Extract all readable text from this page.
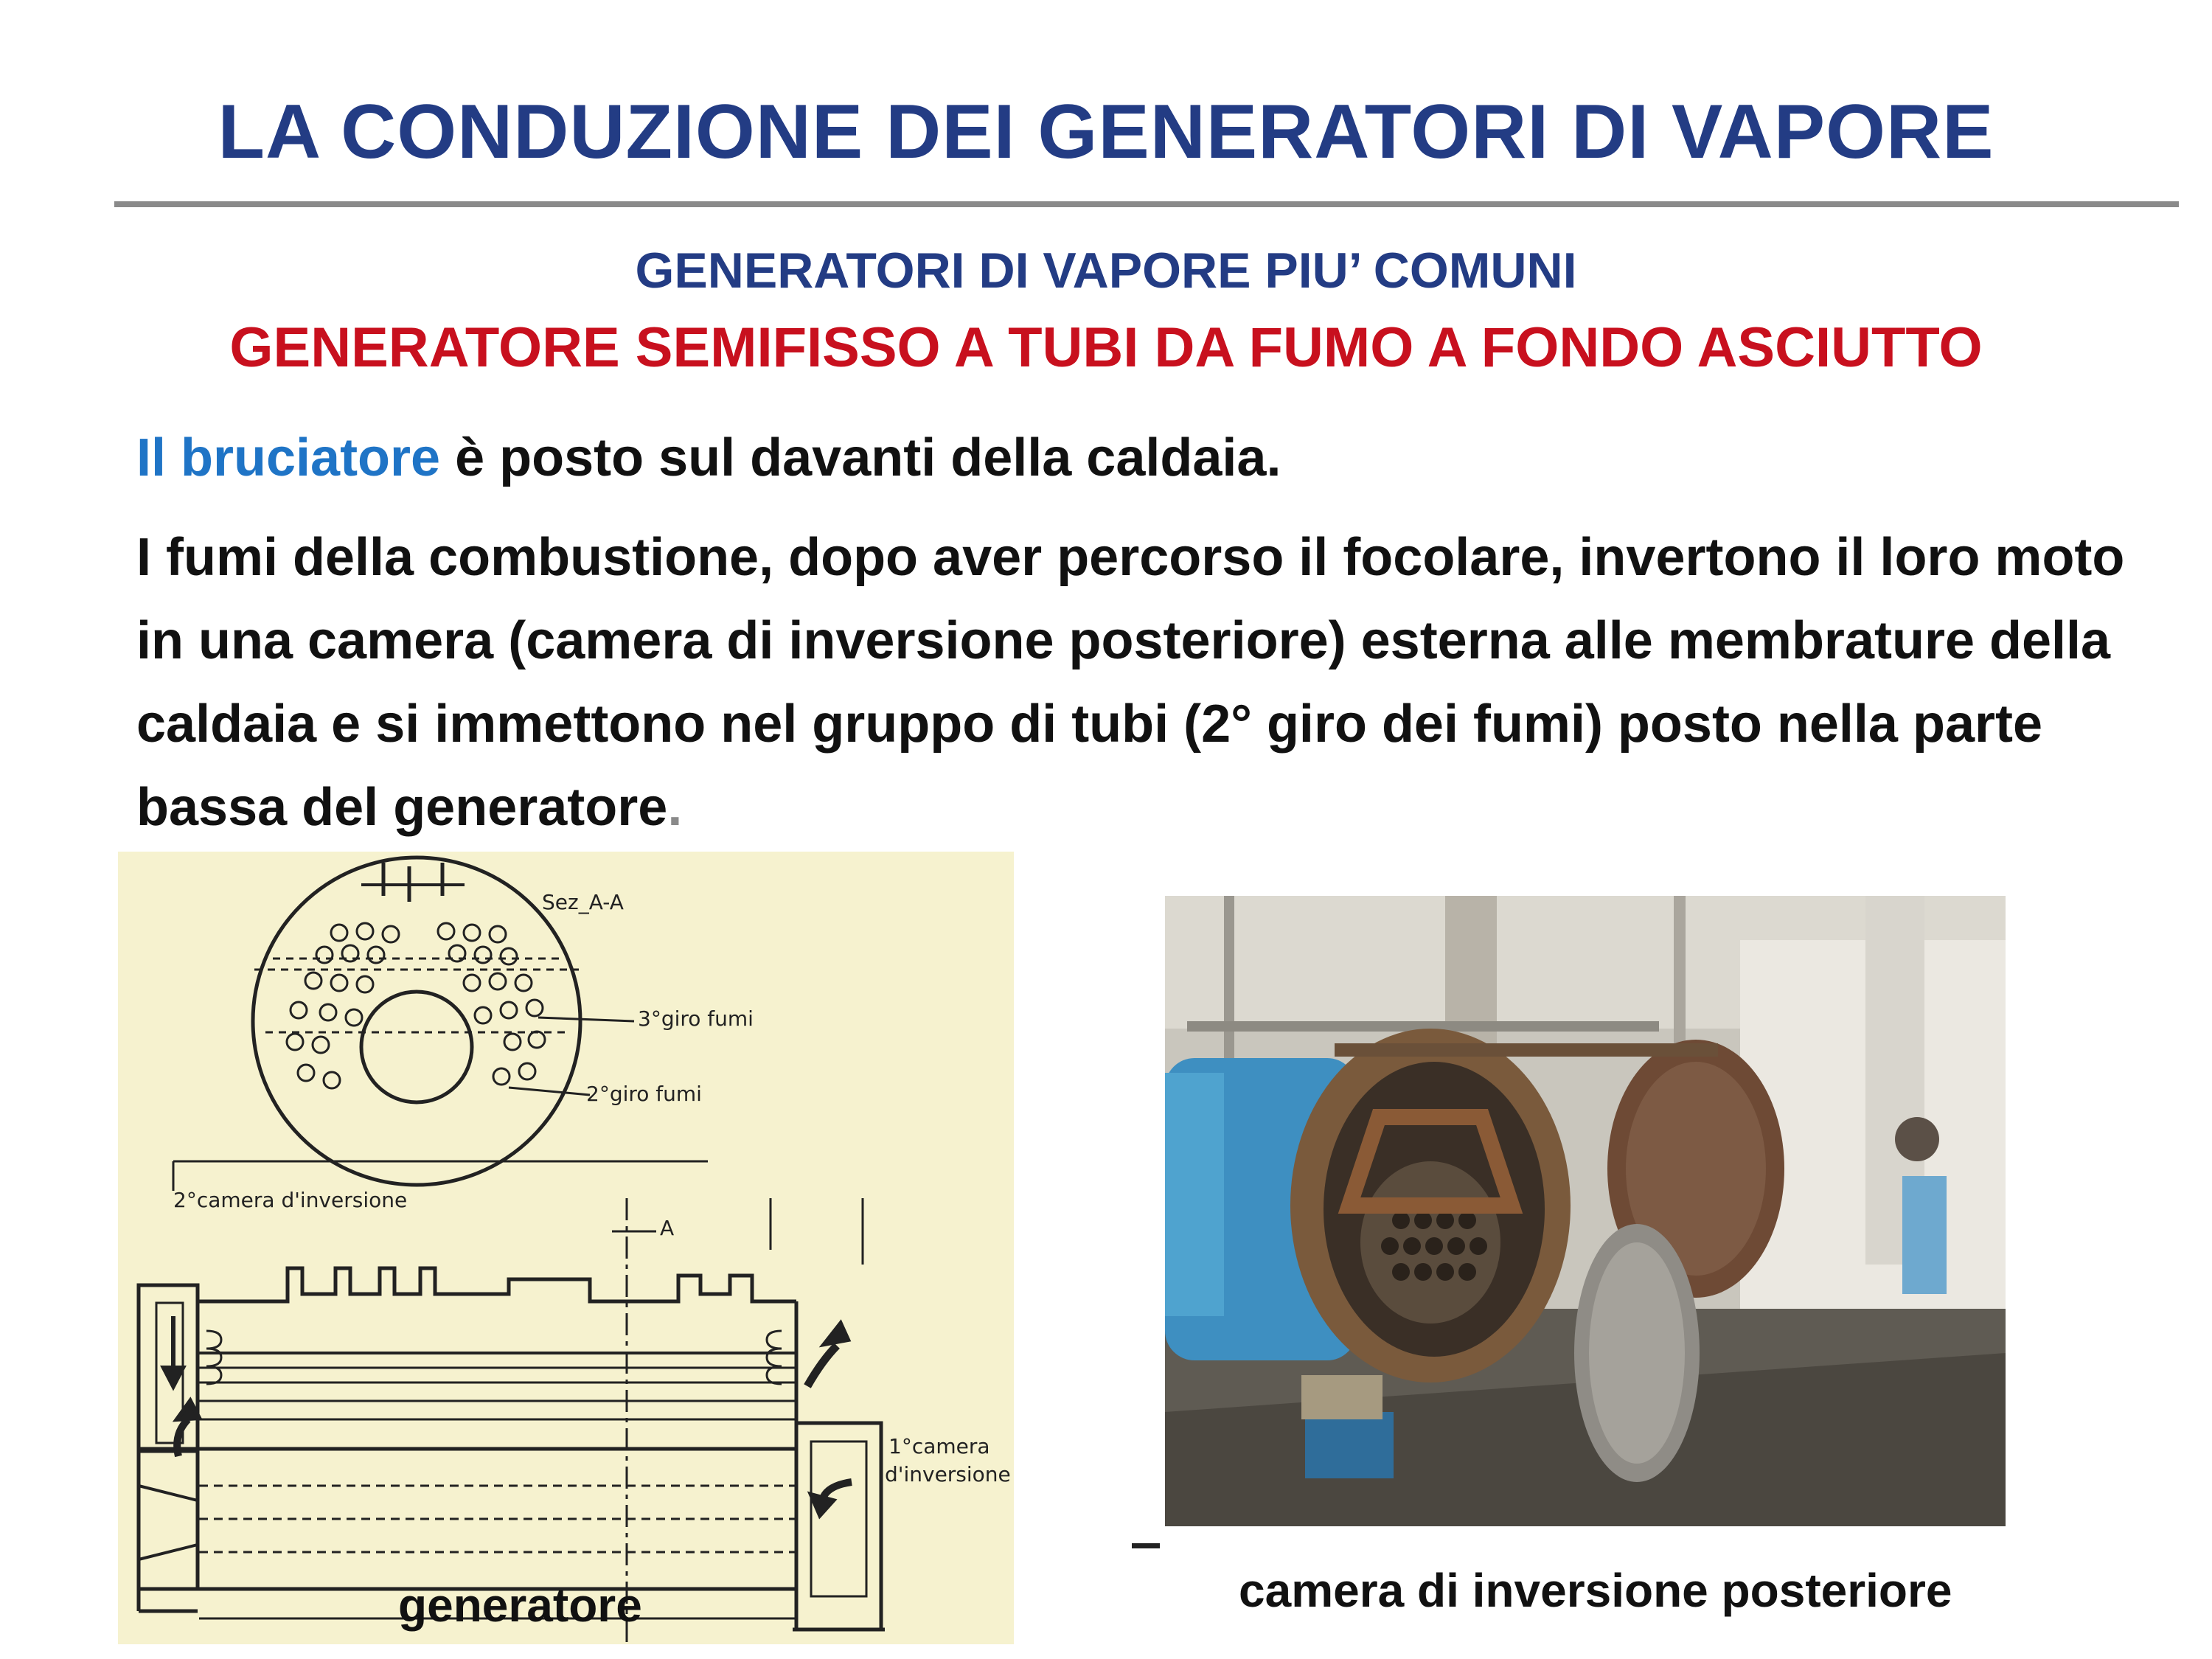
LA CONDUZIONE DEI GENERATORI DI VAPORE
GENERATORI DI VAPORE PIU’ COMUNI
GENERATORE SEMIFISSO A TUBI DA FUMO A FONDO ASCIUTTO
Il bruciatore è posto sul davanti della caldaia.
I fumi della combustione, dopo aver percorso il focolare, invertono il loro moto in una camera (camera di inversione posteriore) esterna alle membrature della caldaia e si immettono nel gruppo di tubi (2° giro dei fumi) posto nella parte bassa del generatore.
Sez_A-A
3°giro fumi
2°giro fumi
2°camera d'inversione
A
1°camera
d'inversione
generatore	camera di inversione posteriore
